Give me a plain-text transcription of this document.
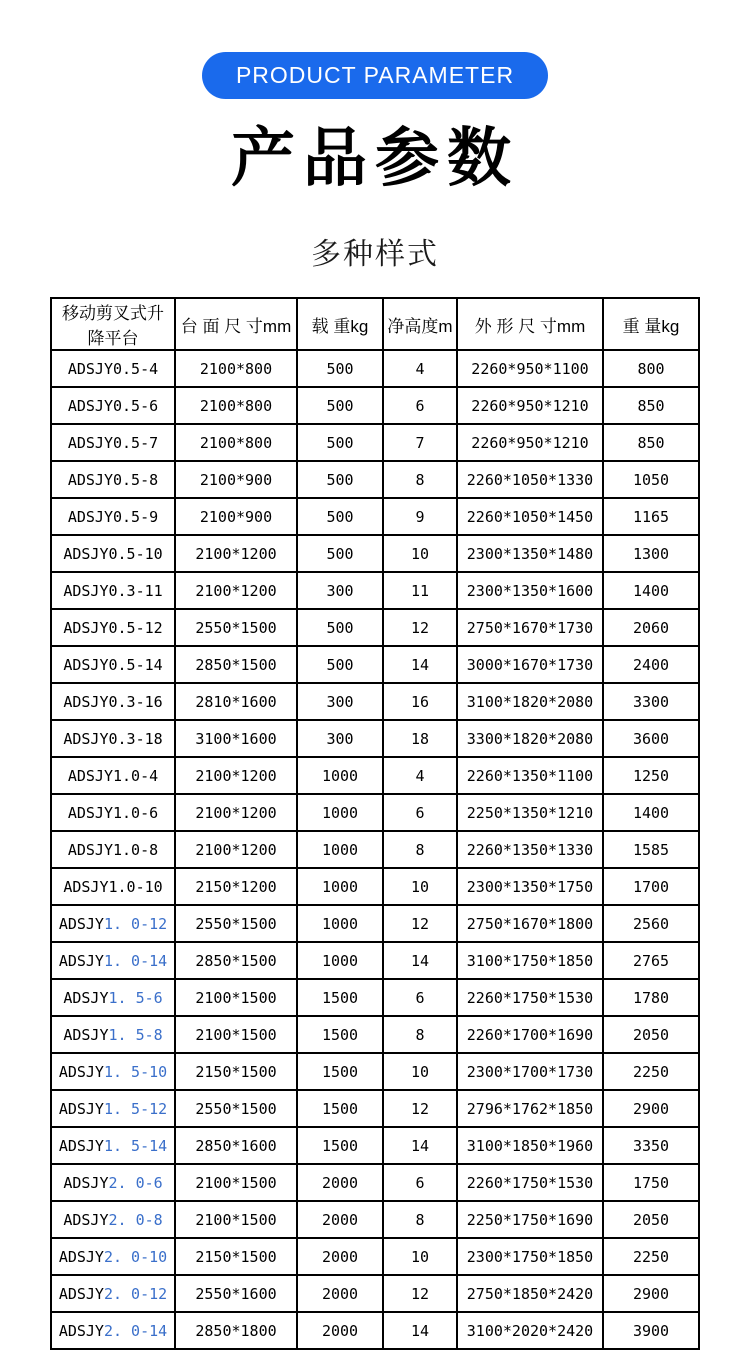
PRODUCT PARAMETER
产品参数
多种样式
移动剪叉式升
降平台	台 面 尺 寸mm	载 重kg	净高度m	外 形 尺 寸mm	重 量kg
ADSJY0.5-4	2100*800	500	4	2260*950*1100	800
ADSJY0.5-6	2100*800	500	6	2260*950*1210	850
ADSJY0.5-7	2100*800	500	7	2260*950*1210	850
ADSJY0.5-8	2100*900	500	8	2260*1050*1330	1050
ADSJY0.5-9	2100*900	500	9	2260*1050*1450	1165
ADSJY0.5-10	2100*1200	500	10	2300*1350*1480	1300
ADSJY0.3-11	2100*1200	300	11	2300*1350*1600	1400
ADSJY0.5-12	2550*1500	500	12	2750*1670*1730	2060
ADSJY0.5-14	2850*1500	500	14	3000*1670*1730	2400
ADSJY0.3-16	2810*1600	300	16	3100*1820*2080	3300
ADSJY0.3-18	3100*1600	300	18	3300*1820*2080	3600
ADSJY1.0-4	2100*1200	1000	4	2260*1350*1100	1250
ADSJY1.0-6	2100*1200	1000	6	2250*1350*1210	1400
ADSJY1.0-8	2100*1200	1000	8	2260*1350*1330	1585
ADSJY1.0-10	2150*1200	1000	10	2300*1350*1750	1700
ADSJY1. 0-12	2550*1500	1000	12	2750*1670*1800	2560
ADSJY1. 0-14	2850*1500	1000	14	3100*1750*1850	2765
ADSJY1. 5-6	2100*1500	1500	6	2260*1750*1530	1780
ADSJY1. 5-8	2100*1500	1500	8	2260*1700*1690	2050
ADSJY1. 5-10	2150*1500	1500	10	2300*1700*1730	2250
ADSJY1. 5-12	2550*1500	1500	12	2796*1762*1850	2900
ADSJY1. 5-14	2850*1600	1500	14	3100*1850*1960	3350
ADSJY2. 0-6	2100*1500	2000	6	2260*1750*1530	1750
ADSJY2. 0-8	2100*1500	2000	8	2250*1750*1690	2050
ADSJY2. 0-10	2150*1500	2000	10	2300*1750*1850	2250
ADSJY2. 0-12	2550*1600	2000	12	2750*1850*2420	2900
ADSJY2. 0-14	2850*1800	2000	14	3100*2020*2420	3900
